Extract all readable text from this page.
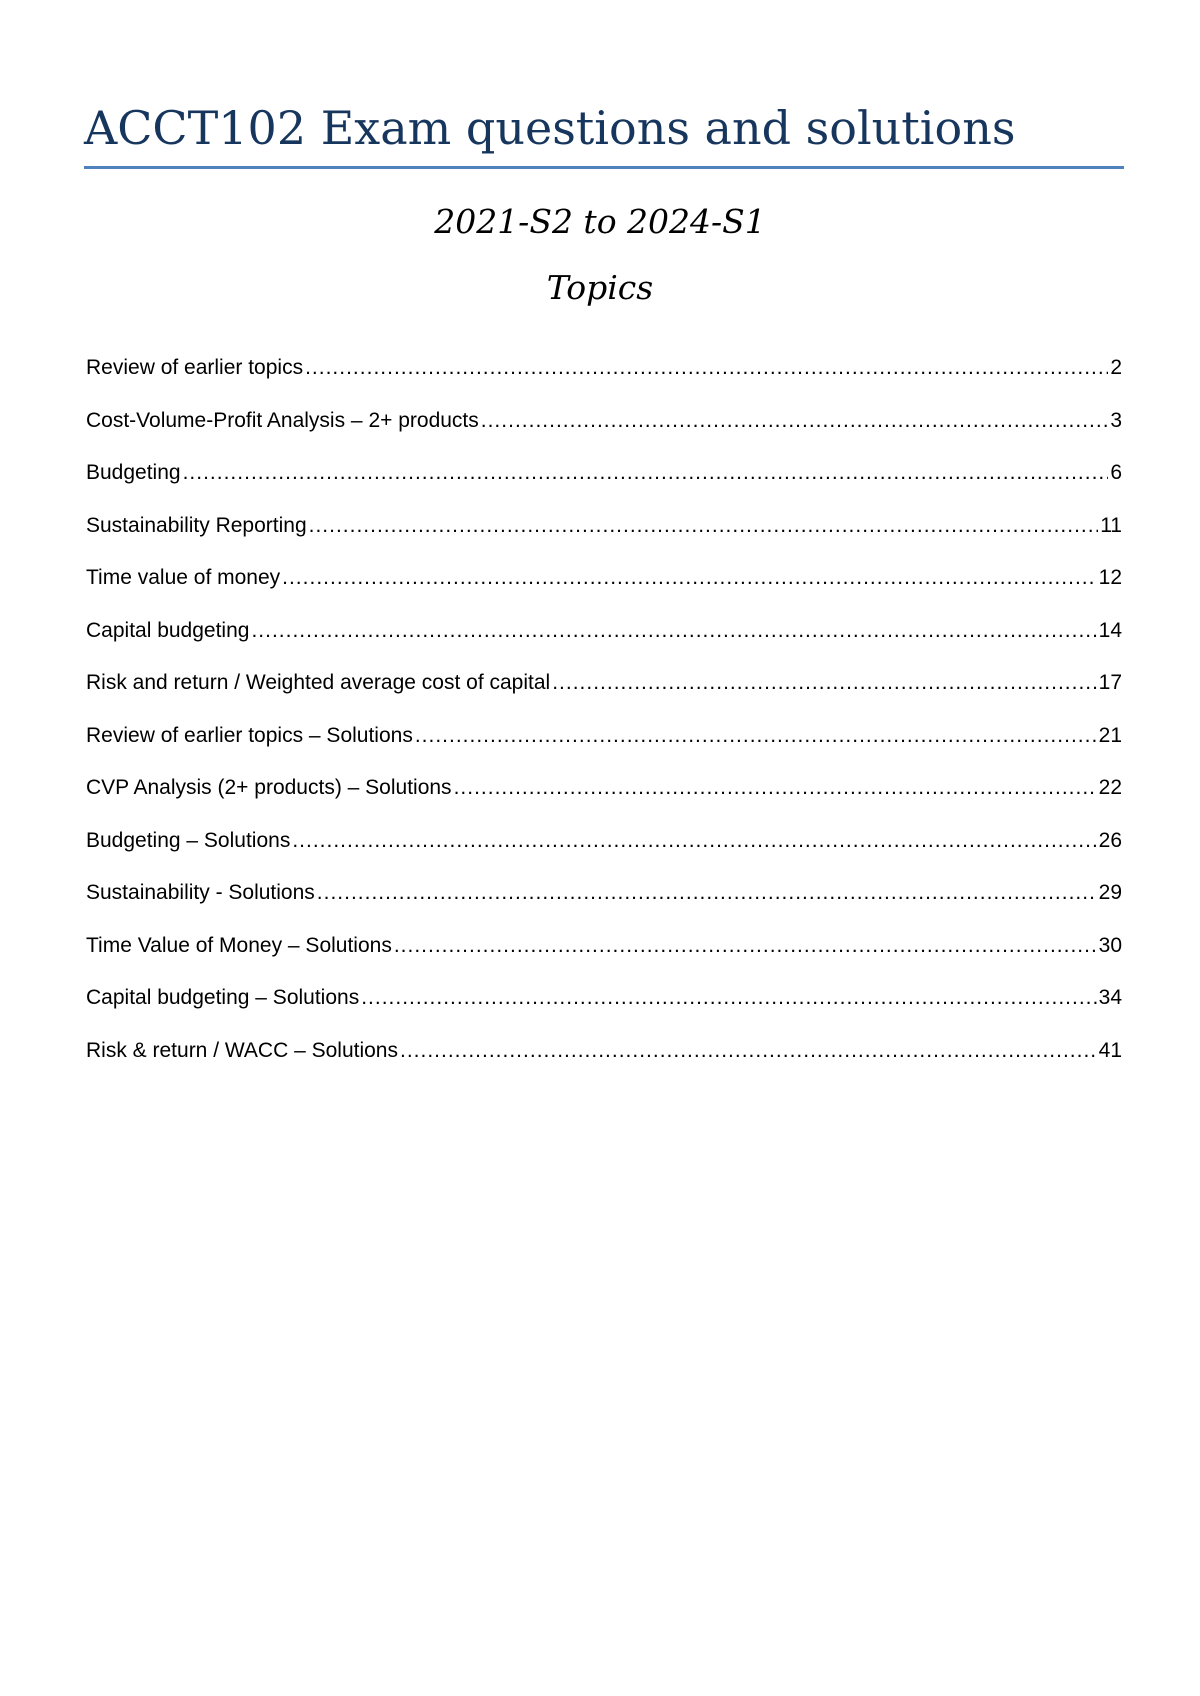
ACCT102 Exam questions and solutions

2021-S2 to 2024-S1

Topics

Review of earlier topics .....	2
Cost-Volume-Profit Analysis – 2+ products .....	3
Budgeting .....	6
Sustainability Reporting .....	11
Time value of money .....	12
Capital budgeting .....	14
Risk and return / Weighted average cost of capital .....	17
Review of earlier topics – Solutions .....	21
CVP Analysis (2+ products) – Solutions .....	22
Budgeting – Solutions .....	26
Sustainability - Solutions .....	29
Time Value of Money – Solutions .....	30
Capital budgeting – Solutions .....	34
Risk & return / WACC – Solutions .....	41
